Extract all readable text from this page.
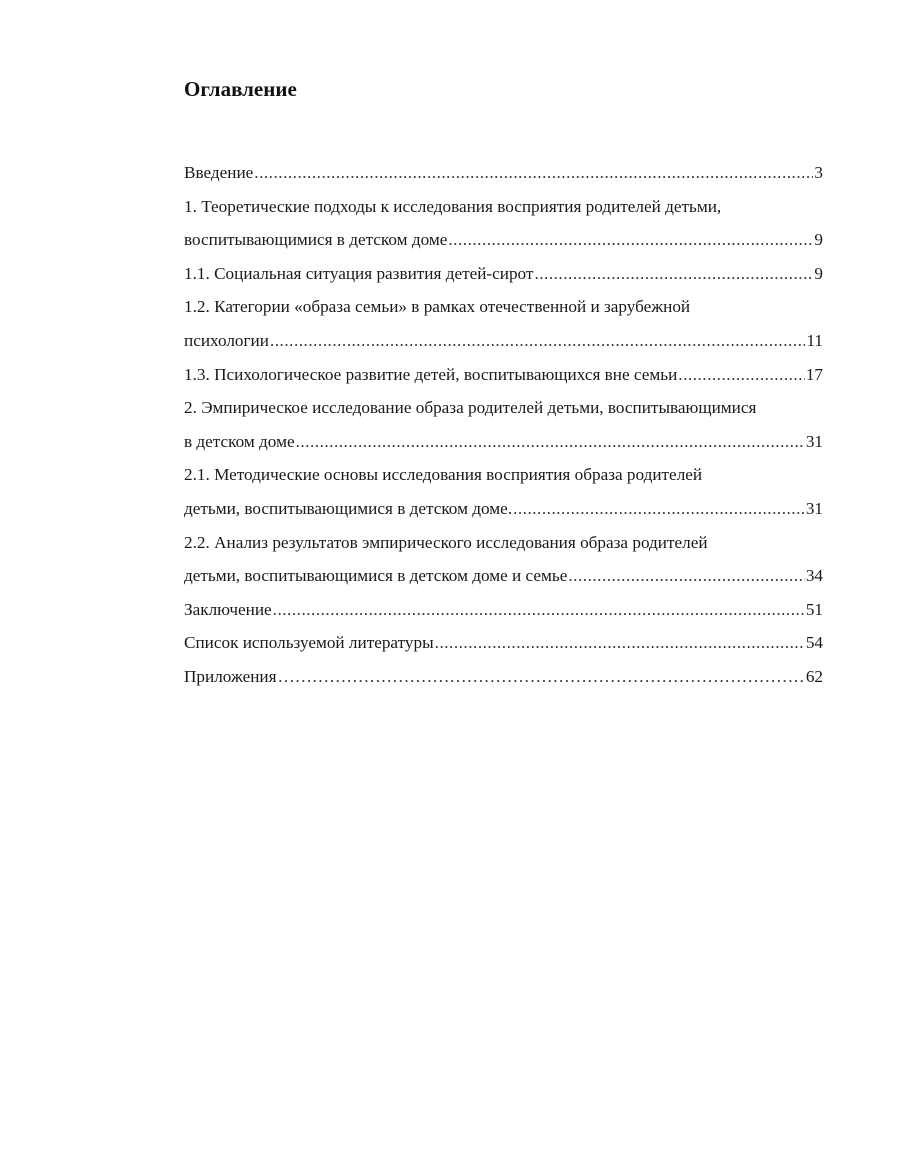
Оглавление
Введение .....	3
1. Теоретические подходы к исследования восприятия родителей детьми,
воспитывающимися в детском доме .....	9
1.1. Социальная ситуация развития детей-сирот .....	9
1.2. Категории «образа семьи» в рамках отечественной и зарубежной
психологии .....	11
1.3. Психологическое развитие детей, воспитывающихся вне семьи .....	17
2. Эмпирическое исследование образа родителей детьми, воспитывающимися
в детском доме .....	31
2.1. Методические основы исследования восприятия образа родителей
детьми, воспитывающимися в детском доме. .....	31
2.2. Анализ результатов эмпирического исследования образа родителей
детьми, воспитывающимися в детском доме и семье .....	34
Заключение .....	51
Список используемой литературы .....	54
Приложения ……………………………………………………………………………………………………………………………………	62
